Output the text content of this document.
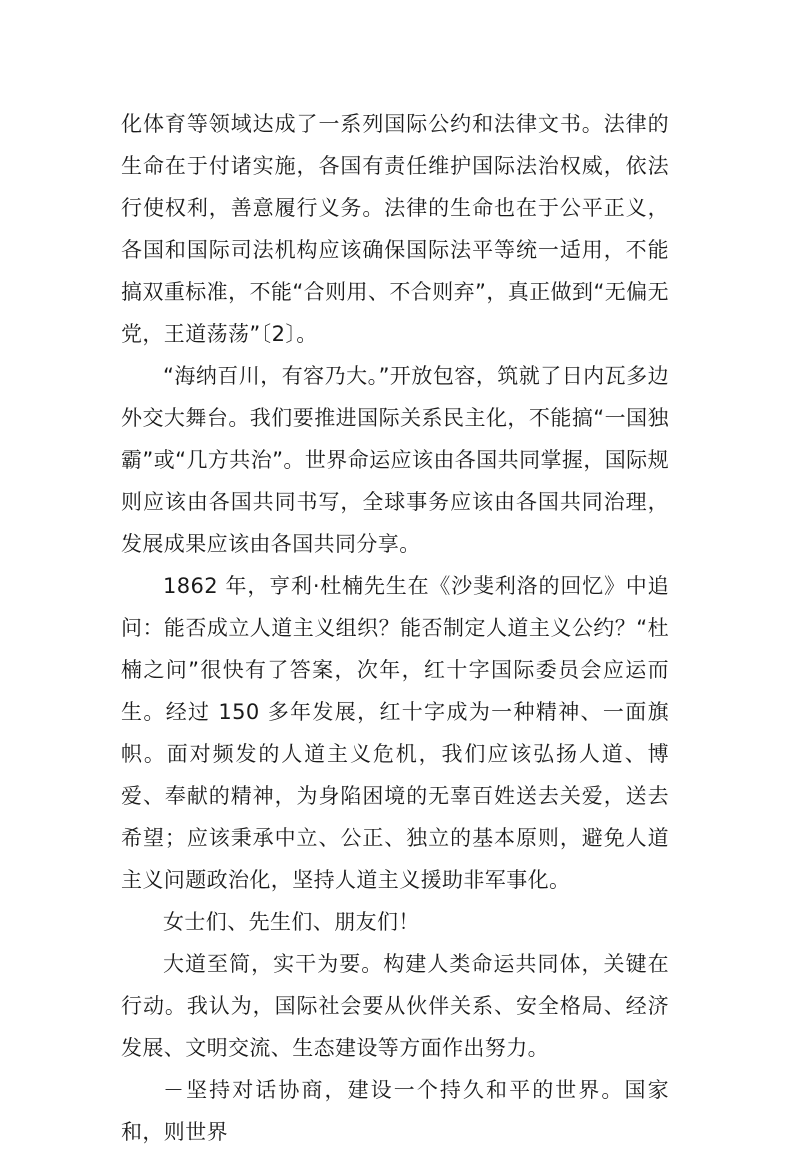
化体育等领域达成了一系列国际公约和法律文书。法律的生命在于付诸实施，各国有责任维护国际法治权威，依法行使权利，善意履行义务。法律的生命也在于公平正义，各国和国际司法机构应该确保国际法平等统一适用，不能搞双重标准，不能“合则用、不合则弃”，真正做到“无偏无党，王道荡荡”〔2〕。

“海纳百川，有容乃大。”开放包容，筑就了日内瓦多边外交大舞台。我们要推进国际关系民主化，不能搞“一国独霸”或“几方共治”。世界命运应该由各国共同掌握，国际规则应该由各国共同书写，全球事务应该由各国共同治理，发展成果应该由各国共同分享。

1862 年，亨利·杜楠先生在《沙斐利洛的回忆》中追问：能否成立人道主义组织？能否制定人道主义公约？“杜楠之问”很快有了答案，次年，红十字国际委员会应运而生。经过 150 多年发展，红十字成为一种精神、一面旗帜。面对频发的人道主义危机，我们应该弘扬人道、博爱、奉献的精神，为身陷困境的无辜百姓送去关爱，送去希望；应该秉承中立、公正、独立的基本原则，避免人道主义问题政治化，坚持人道主义援助非军事化。

女士们、先生们、朋友们！

大道至简，实干为要。构建人类命运共同体，关键在行动。我认为，国际社会要从伙伴关系、安全格局、经济发展、文明交流、生态建设等方面作出努力。

－坚持对话协商，建设一个持久和平的世界。国家和，则世界
